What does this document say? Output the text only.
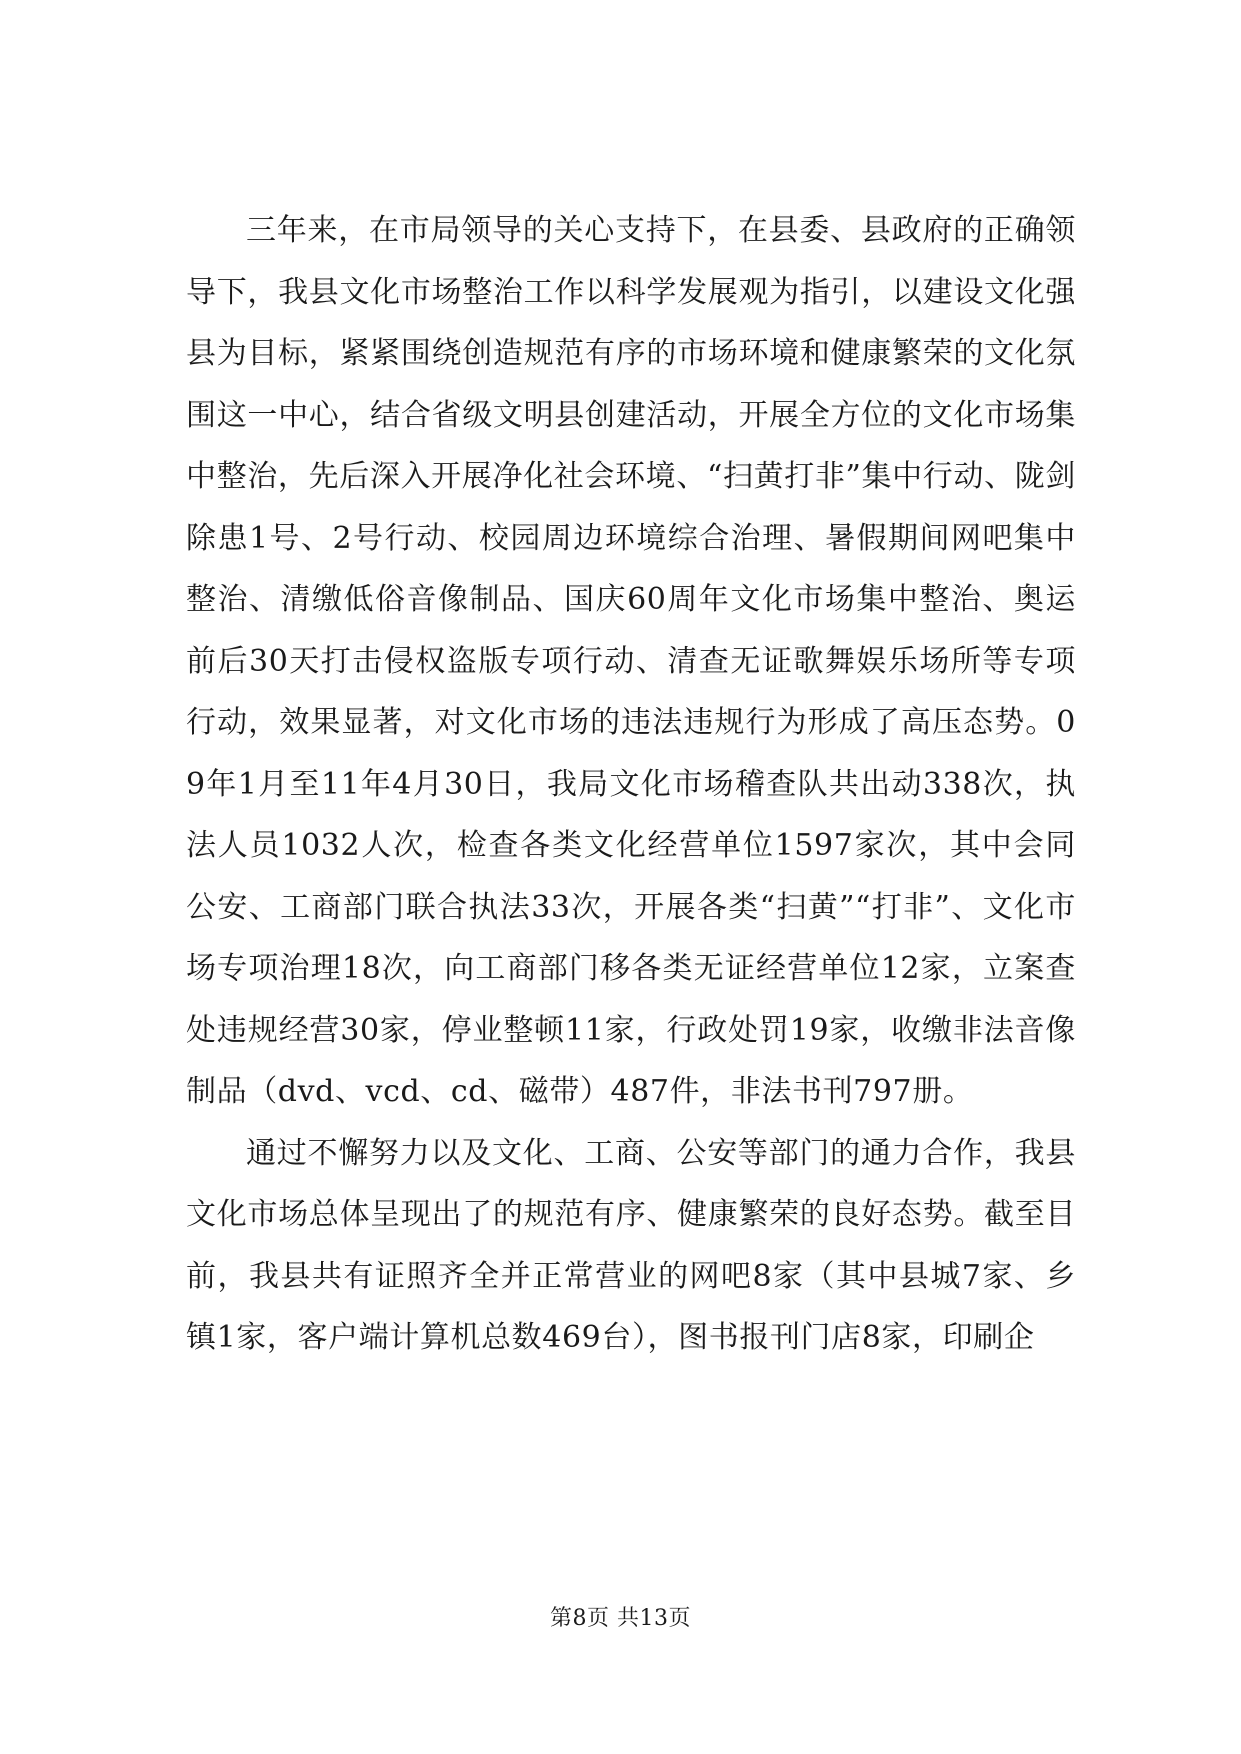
三年来，在市局领导的关心支持下，在县委、县政府的正确领导下，我县文化市场整治工作以科学发展观为指引，以建设文化强县为目标，紧紧围绕创造规范有序的市场环境和健康繁荣的文化氛围这一中心，结合省级文明县创建活动，开展全方位的文化市场集中整治，先后深入开展净化社会环境、“扫黄打非”集中行动、陇剑除患1号、2号行动、校园周边环境综合治理、暑假期间网吧集中整治、清缴低俗音像制品、国庆60周年文化市场集中整治、奥运前后30天打击侵权盗版专项行动、清查无证歌舞娱乐场所等专项行动，效果显著，对文化市场的违法违规行为形成了高压态势。09年1月至11年4月30日，我局文化市场稽查队共出动338次，执法人员1032人次，检查各类文化经营单位1597家次，其中会同公安、工商部门联合执法33次，开展各类“扫黄”“打非”、文化市场专项治理18次，向工商部门移各类无证经营单位12家，立案查处违规经营30家，停业整顿11家，行政处罚19家，收缴非法音像制品（dvd、vcd、cd、磁带）487件，非法书刊797册。

通过不懈努力以及文化、工商、公安等部门的通力合作，我县文化市场总体呈现出了的规范有序、健康繁荣的良好态势。截至目前，我县共有证照齐全并正常营业的网吧8家（其中县城7家、乡镇1家，客户端计算机总数469台），图书报刊门店8家，印刷企

第8页 共13页
